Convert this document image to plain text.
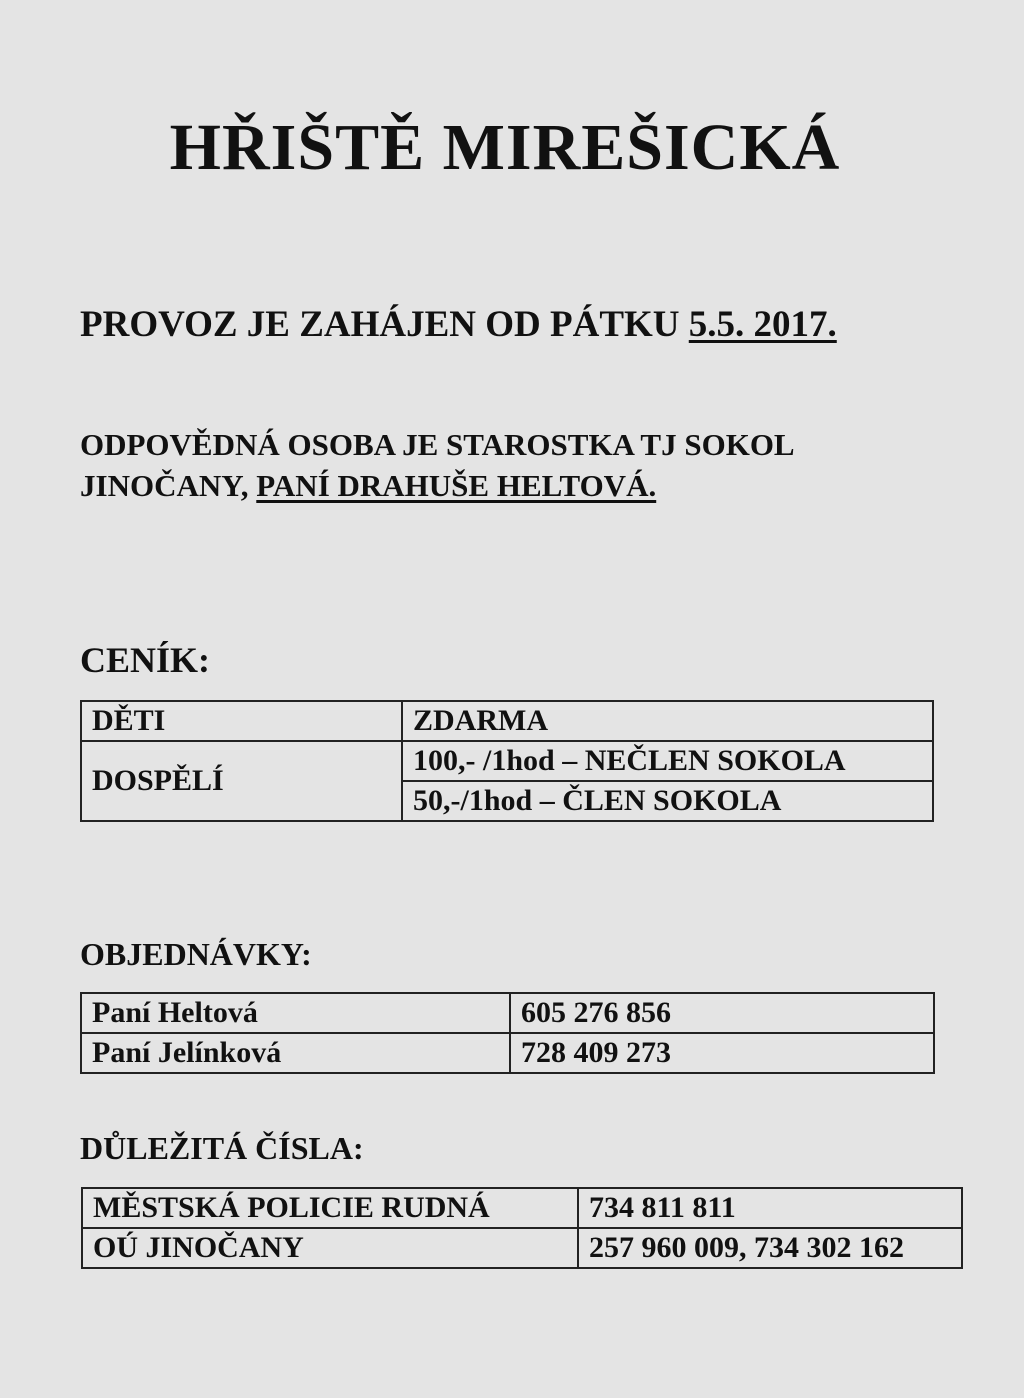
HŘIŠTĚ MIREŠICKÁ
PROVOZ JE ZAHÁJEN OD PÁTKU 5.5. 2017.
ODPOVĚDNÁ OSOBA JE STAROSTKA TJ SOKOL
JINOČANY, PANÍ DRAHUŠE HELTOVÁ.
CENÍK:
DĚTI	ZDARMA
DOSPĚLÍ	100,- /1hod – NEČLEN SOKOLA
	50,-/1hod – ČLEN SOKOLA
OBJEDNÁVKY:
Paní Heltová	605 276 856
Paní Jelínková	728 409 273
DŮLEŽITÁ ČÍSLA:
MĚSTSKÁ POLICIE RUDNÁ	734 811 811
OÚ JINOČANY	257 960 009, 734 302 162
